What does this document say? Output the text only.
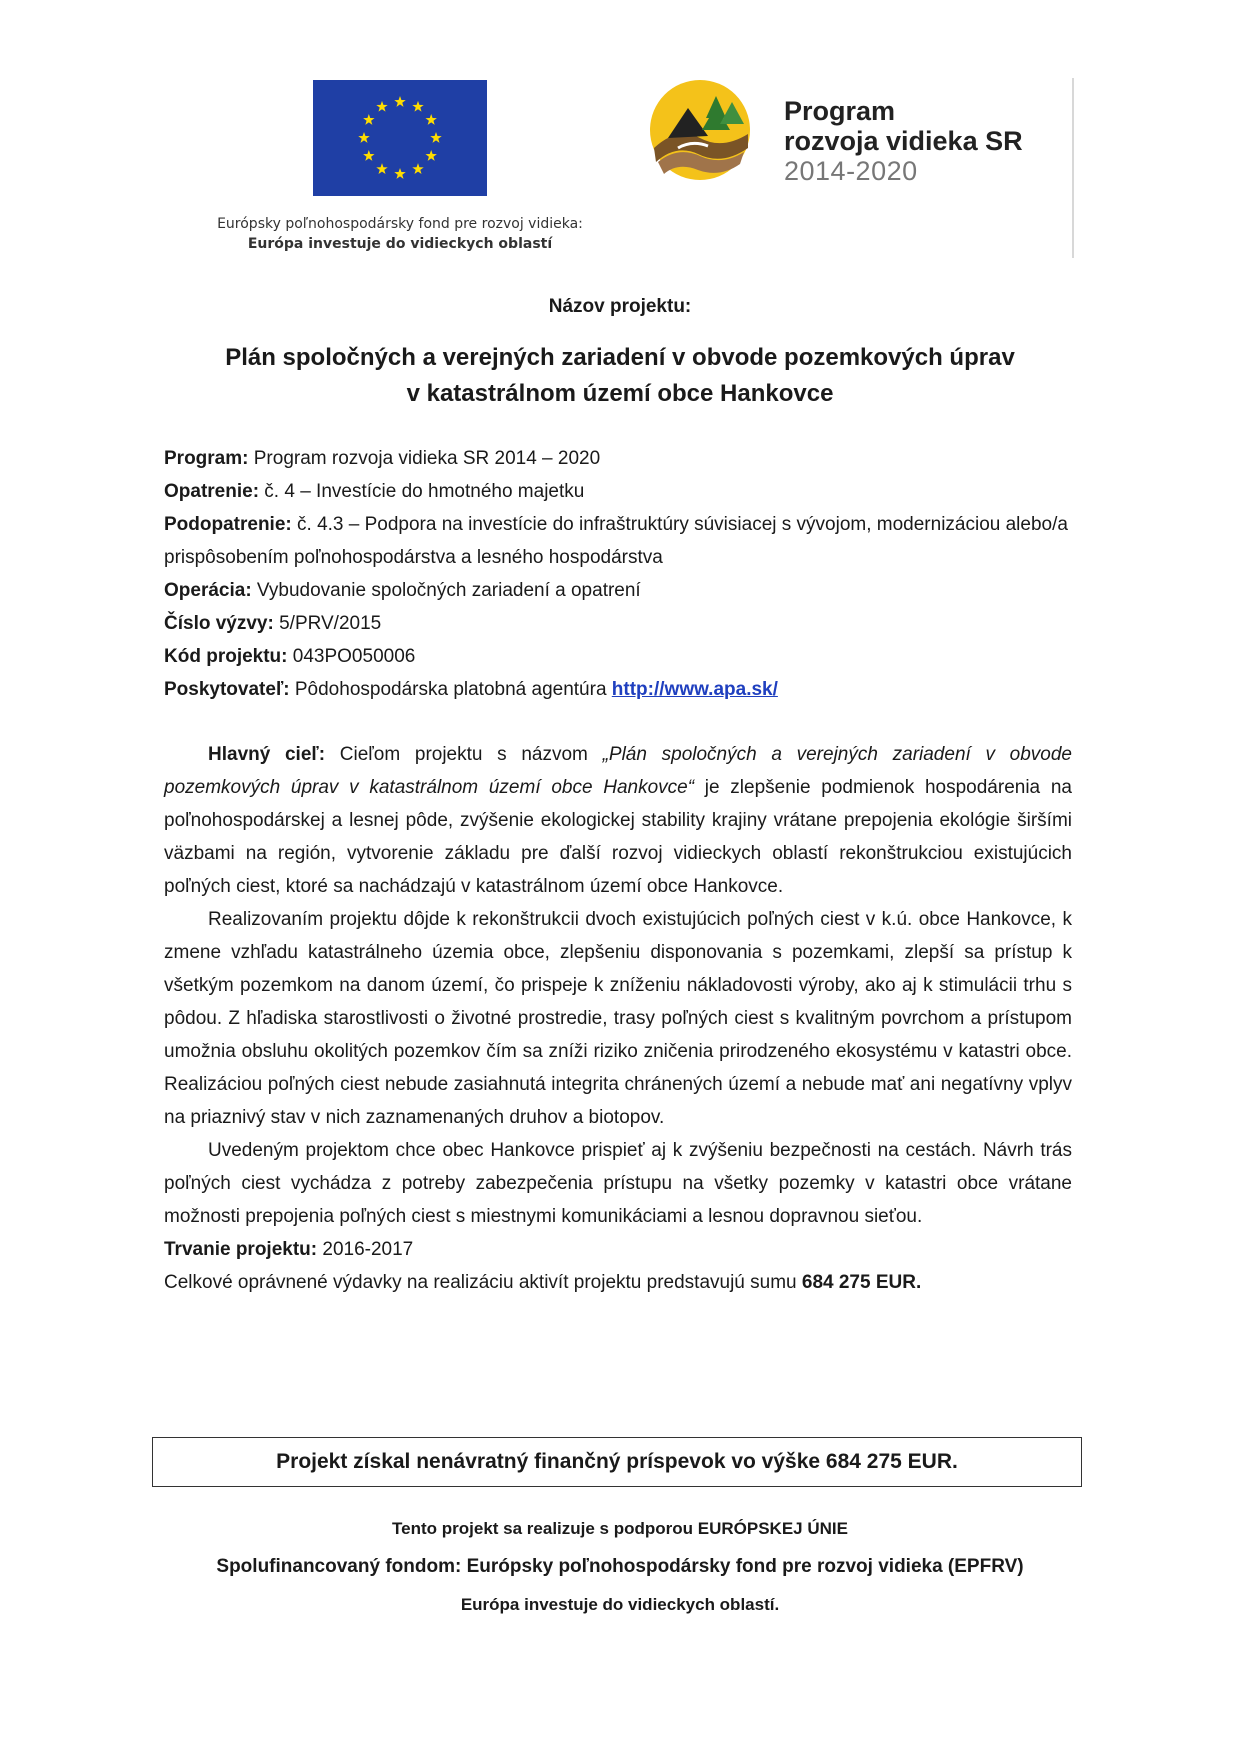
Európsky poľnohospodársky fond pre rozvoj vidieka:
Európa investuje do vidieckych oblastí
Program
rozvoja vidieka SR
2014-2020
Názov projektu:
Plán spoločných a verejných zariadení v obvode pozemkových úprav
v katastrálnom území obce Hankovce
Program: Program rozvoja vidieka SR 2014 – 2020
Opatrenie: č. 4 – Investície do hmotného majetku
Podopatrenie: č. 4.3 – Podpora na investície do infraštruktúry súvisiacej s vývojom, modernizáciou alebo/a prispôsobením poľnohospodárstva a lesného hospodárstva
Operácia: Vybudovanie spoločných zariadení a opatrení
Číslo výzvy: 5/PRV/2015
Kód projektu: 043PO050006
Poskytovateľ: Pôdohospodárska platobná agentúra http://www.apa.sk/

Hlavný cieľ: Cieľom projektu s názvom „Plán spoločných a verejných zariadení v obvode pozemkových úprav v katastrálnom území obce Hankovce“ je zlepšenie podmienok hospodárenia na poľnohospodárskej a lesnej pôde, zvýšenie ekologickej stability krajiny vrátane prepojenia ekológie širšími väzbami na región, vytvorenie základu pre ďalší rozvoj vidieckych oblastí rekonštrukciou existujúcich poľných ciest, ktoré sa nachádzajú v katastrálnom území obce Hankovce.

Realizovaním projektu dôjde k rekonštrukcii dvoch existujúcich poľných ciest v k.ú. obce Hankovce, k zmene vzhľadu katastrálneho územia obce, zlepšeniu disponovania s pozemkami, zlepší sa prístup k všetkým pozemkom na danom území, čo prispeje k zníženiu nákladovosti výroby, ako aj k stimulácii trhu s pôdou. Z hľadiska starostlivosti o životné prostredie, trasy poľných ciest s kvalitným povrchom a prístupom umožnia obsluhu okolitých pozemkov čím sa zníži riziko zničenia prirodzeného ekosystému v katastri obce. Realizáciou poľných ciest nebude zasiahnutá integrita chránených území a nebude mať ani negatívny vplyv na priaznivý stav v nich zaznamenaných druhov a biotopov.

Uvedeným projektom chce obec Hankovce prispieť aj k zvýšeniu bezpečnosti na cestách. Návrh trás poľných ciest vychádza z potreby zabezpečenia prístupu na všetky pozemky v katastri obce vrátane možnosti prepojenia poľných ciest s miestnymi komunikáciami a lesnou dopravnou sieťou.

Trvanie projektu: 2016-2017

Celkové oprávnené výdavky na realizáciu aktivít projektu predstavujú sumu 684 275 EUR.

Projekt získal nenávratný finančný príspevok vo výške 684 275 EUR.
Tento projekt sa realizuje s podporou EURÓPSKEJ ÚNIE
Spolufinancovaný fondom: Európsky poľnohospodársky fond pre rozvoj vidieka (EPFRV)
Európa investuje do vidieckych oblastí.
